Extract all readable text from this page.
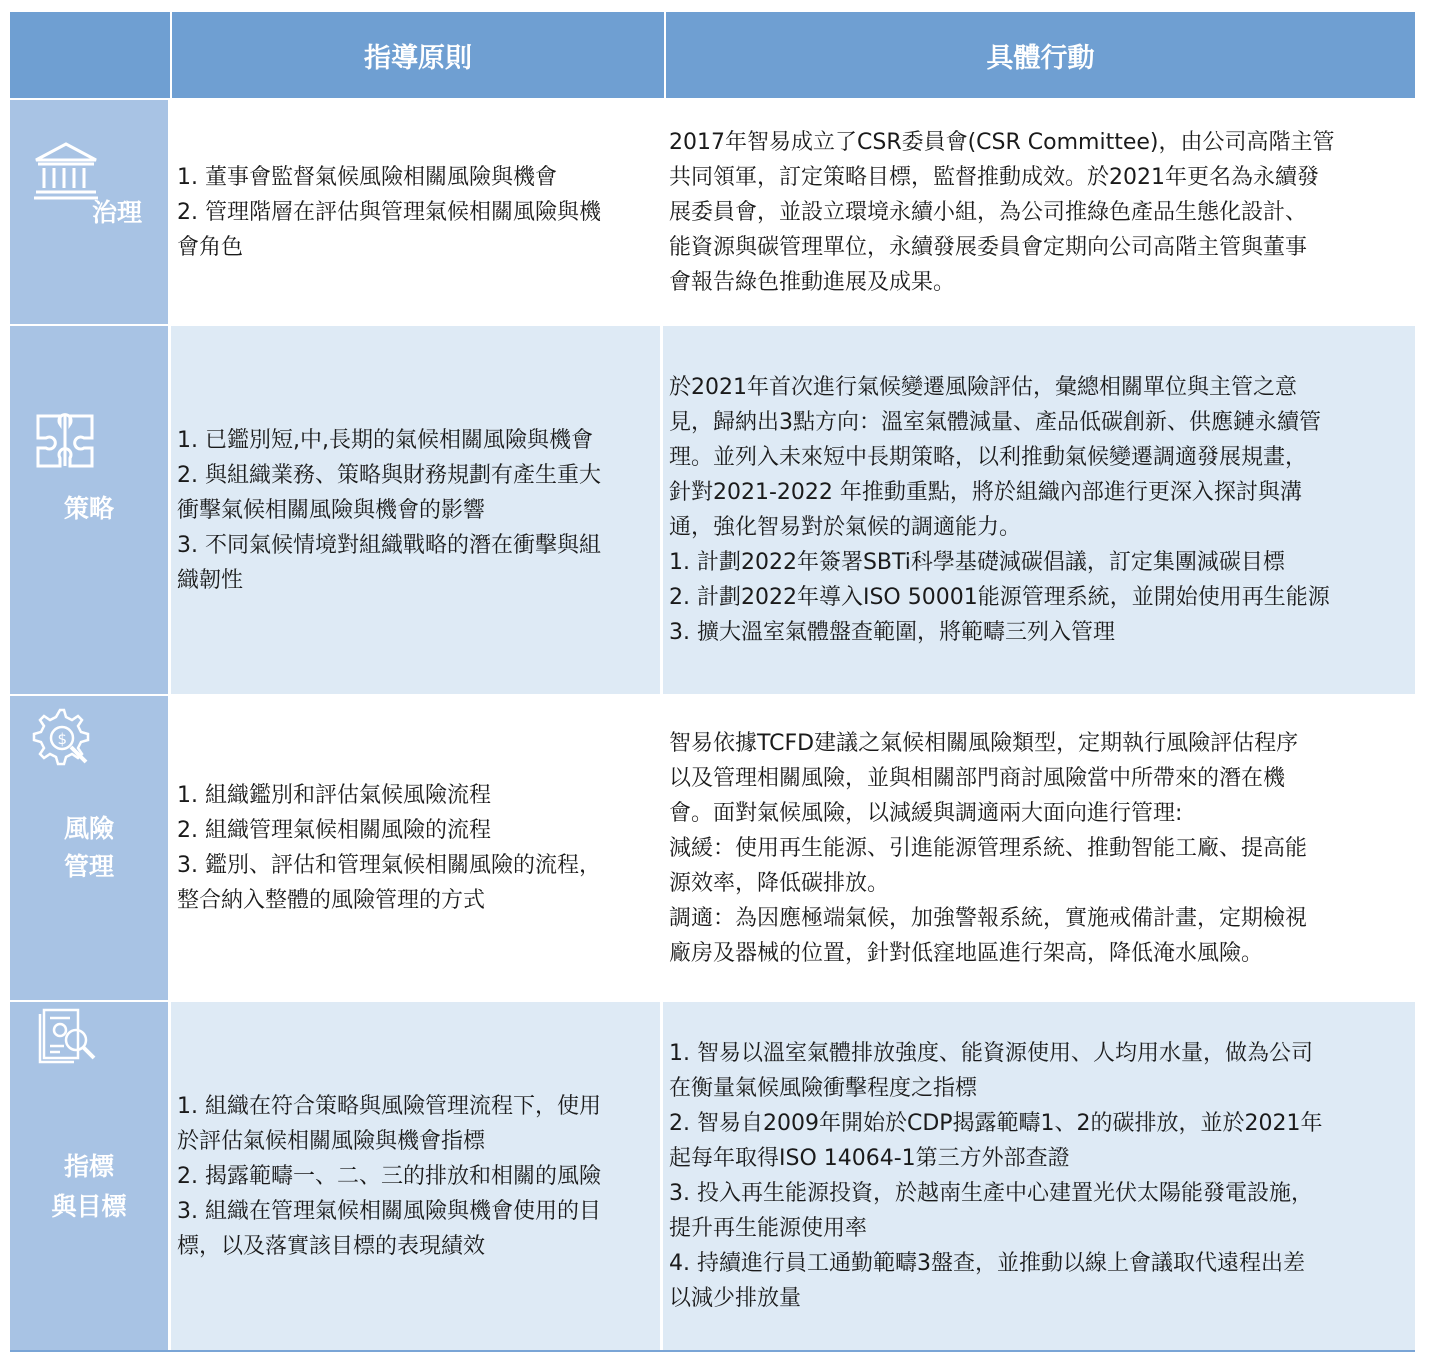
指導原則	具體行動
治理

1. 董事會監督氣候風險相關風險與機會

2. 管理階層在評估與管理氣候相關風險與機

會角色

2017年智易成立了CSR委員會(CSR Committee)，由公司高階主管

共同領軍，訂定策略目標，監督推動成效。於2021年更名為永續發

展委員會，並設立環境永續小組，為公司推綠色產品生態化設計、

能資源與碳管理單位，永續發展委員會定期向公司高階主管與董事

會報告綠色推動進展及成果。

策略

1. 已鑑別短,中,長期的氣候相關風險與機會

2. 與組織業務、策略與財務規劃有產生重大

衝擊氣候相關風險與機會的影響

3. 不同氣候情境對組織戰略的潛在衝擊與組

織韌性

於2021年首次進行氣候變遷風險評估，彙總相關單位與主管之意

見，歸納出3點方向：溫室氣體減量、產品低碳創新、供應鏈永續管

理。並列入未來短中長期策略，以利推動氣候變遷調適發展規畫，

針對2021-2022 年推動重點，將於組織內部進行更深入探討與溝

通，強化智易對於氣候的調適能力。

1. 計劃2022年簽署SBTi科學基礎減碳倡議，訂定集團減碳目標

2. 計劃2022年導入ISO 50001能源管理系統，並開始使用再生能源

3. 擴大溫室氣體盤查範圍，將範疇三列入管理

$
風險
管理

1. 組織鑑別和評估氣候風險流程

2. 組織管理氣候相關風險的流程

3. 鑑別、評估和管理氣候相關風險的流程，

整合納入整體的風險管理的方式

智易依據TCFD建議之氣候相關風險類型，定期執行風險評估程序

以及管理相關風險，並與相關部門商討風險當中所帶來的潛在機

會。面對氣候風險，以減緩與調適兩大面向進行管理:

減緩：使用再生能源、引進能源管理系統、推動智能工廠、提高能

源效率，降低碳排放。

調適：為因應極端氣候，加強警報系統，實施戒備計畫，定期檢視

廠房及器械的位置，針對低窪地區進行架高，降低淹水風險。

指標
與目標

1. 組織在符合策略與風險管理流程下，使用

於評估氣候相關風險與機會指標

2. 揭露範疇一、二、三的排放和相關的風險

3. 組織在管理氣候相關風險與機會使用的目

標，以及落實該目標的表現績效

1. 智易以溫室氣體排放強度、能資源使用、人均用水量，做為公司

在衡量氣候風險衝擊程度之指標

2. 智易自2009年開始於CDP揭露範疇1、2的碳排放，並於2021年

起每年取得ISO 14064-1第三方外部查證

3. 投入再生能源投資，於越南生產中心建置光伏太陽能發電設施，

提升再生能源使用率

4. 持續進行員工通勤範疇3盤查，並推動以線上會議取代遠程出差

以減少排放量
